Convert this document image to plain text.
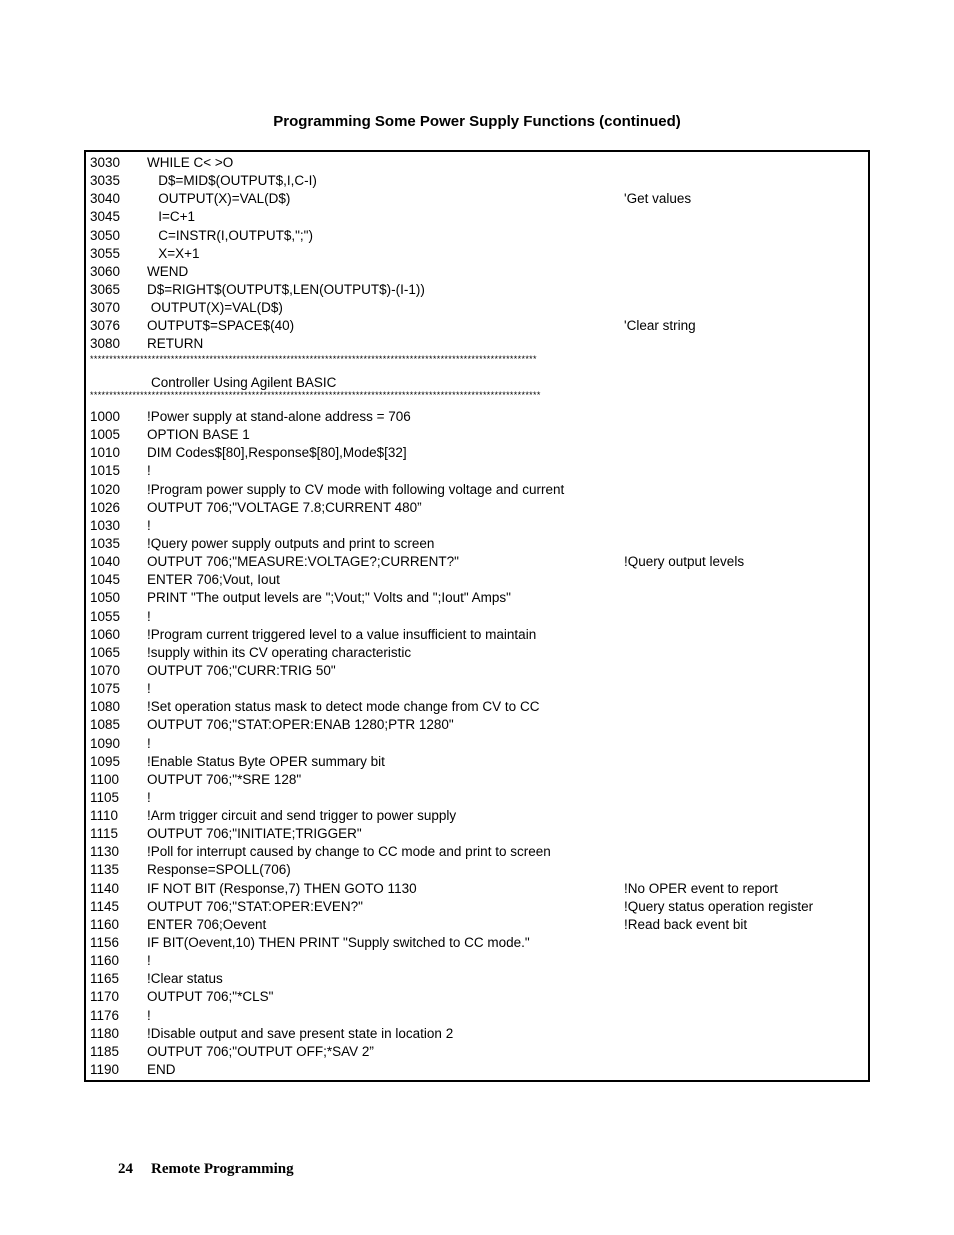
Programming Some Power Supply Functions (continued)
3030 WHILE C< >O
3035 D$=MID$(OUTPUT$,I,C-I)
3040 OUTPUT(X)=VAL(D$)	'Get values
3045 I=C+1
3050 C=INSTR(I,OUTPUT$,";")
3055 X=X+1
3060 WEND
3065 D$=RIGHT$(OUTPUT$,LEN(OUTPUT$)-(I-1))
3070 OUTPUT(X)=VAL(D$)
3076 OUTPUT$=SPACE$(40)	'Clear string
3080 RETURN
********************************************************************************************************************

Controller Using Agilent BASIC

*********************************************************************************************************************
1000 !Power supply at stand-alone address = 706
1005 OPTION BASE 1
1010 DIM Codes$[80],Response$[80],Mode$[32]
1015 !
1020 !Program power supply to CV mode with following voltage and current
1026 OUTPUT 706;"VOLTAGE 7.8;CURRENT 480”
1030 !
1035 !Query power supply outputs and print to screen
1040 OUTPUT 706;"MEASURE:VOLTAGE?;CURRENT?"	!Query output levels
1045 ENTER 706;Vout, Iout
1050 PRINT "The output levels are ";Vout;" Volts and ";Iout" Amps"
1055 !
1060 !Program current triggered level to a value insufficient to maintain
1065 !supply within its CV operating characteristic
1070 OUTPUT 706;"CURR:TRIG 50"
1075 !
1080 !Set operation status mask to detect mode change from CV to CC
1085 OUTPUT 706;"STAT:OPER:ENAB 1280;PTR 1280"
1090 !
1095 !Enable Status Byte OPER summary bit
1100 OUTPUT 706;"*SRE 128"
1105 !
1110 !Arm trigger circuit and send trigger to power supply
1115 OUTPUT 706;"INITIATE;TRIGGER"
1130 !Poll for interrupt caused by change to CC mode and print to screen
1135 Response=SPOLL(706)
1140 IF NOT BIT (Response,7) THEN GOTO 1130	!No OPER event to report
1145 OUTPUT 706;"STAT:OPER:EVEN?"	!Query status operation register
1160 ENTER 706;Oevent	!Read back event bit
1156 IF BIT(Oevent,10) THEN PRINT "Supply switched to CC mode."
1160 !
1165 !Clear status
1170 OUTPUT 706;"*CLS"
1176 !
1180 !Disable output and save present state in location 2
1185 OUTPUT 706;"OUTPUT OFF;*SAV 2”
1190 END
24 Remote Programming
